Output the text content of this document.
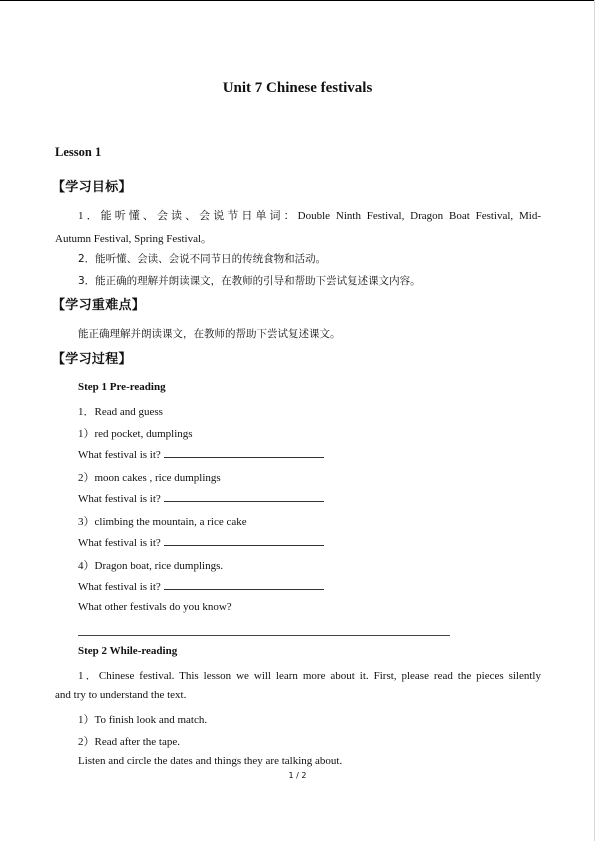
Unit 7 Chinese festivals
Lesson 1
【学习目标】
1．能听懂、会读、会说节日单词：Double Ninth Festival, Dragon Boat Festival, Mid-
Autumn Festival, Spring Festival。
2．能听懂、会读、会说不同节日的传统食物和活动。
3．能正确的理解并朗读课文，在教师的引导和帮助下尝试复述课文内容。
【学习重难点】
能正确理解并朗读课文，在教师的帮助下尝试复述课文。
【学习过程】
Step 1 Pre-reading
1．Read and guess
1）red pocket, dumplings
What festival is it?
2）moon cakes , rice dumplings
What festival is it?
3）climbing the mountain, a rice cake
What festival is it?
4）Dragon boat, rice dumplings.
What festival is it?
What other festivals do you know?
Step 2 While-reading
1．Chinese festival. This lesson we will learn more about it. First, please read the pieces silently
and try to understand the text.
1）To finish look and match.
2）Read after the tape.
Listen and circle the dates and things they are talking about.
1 / 2
